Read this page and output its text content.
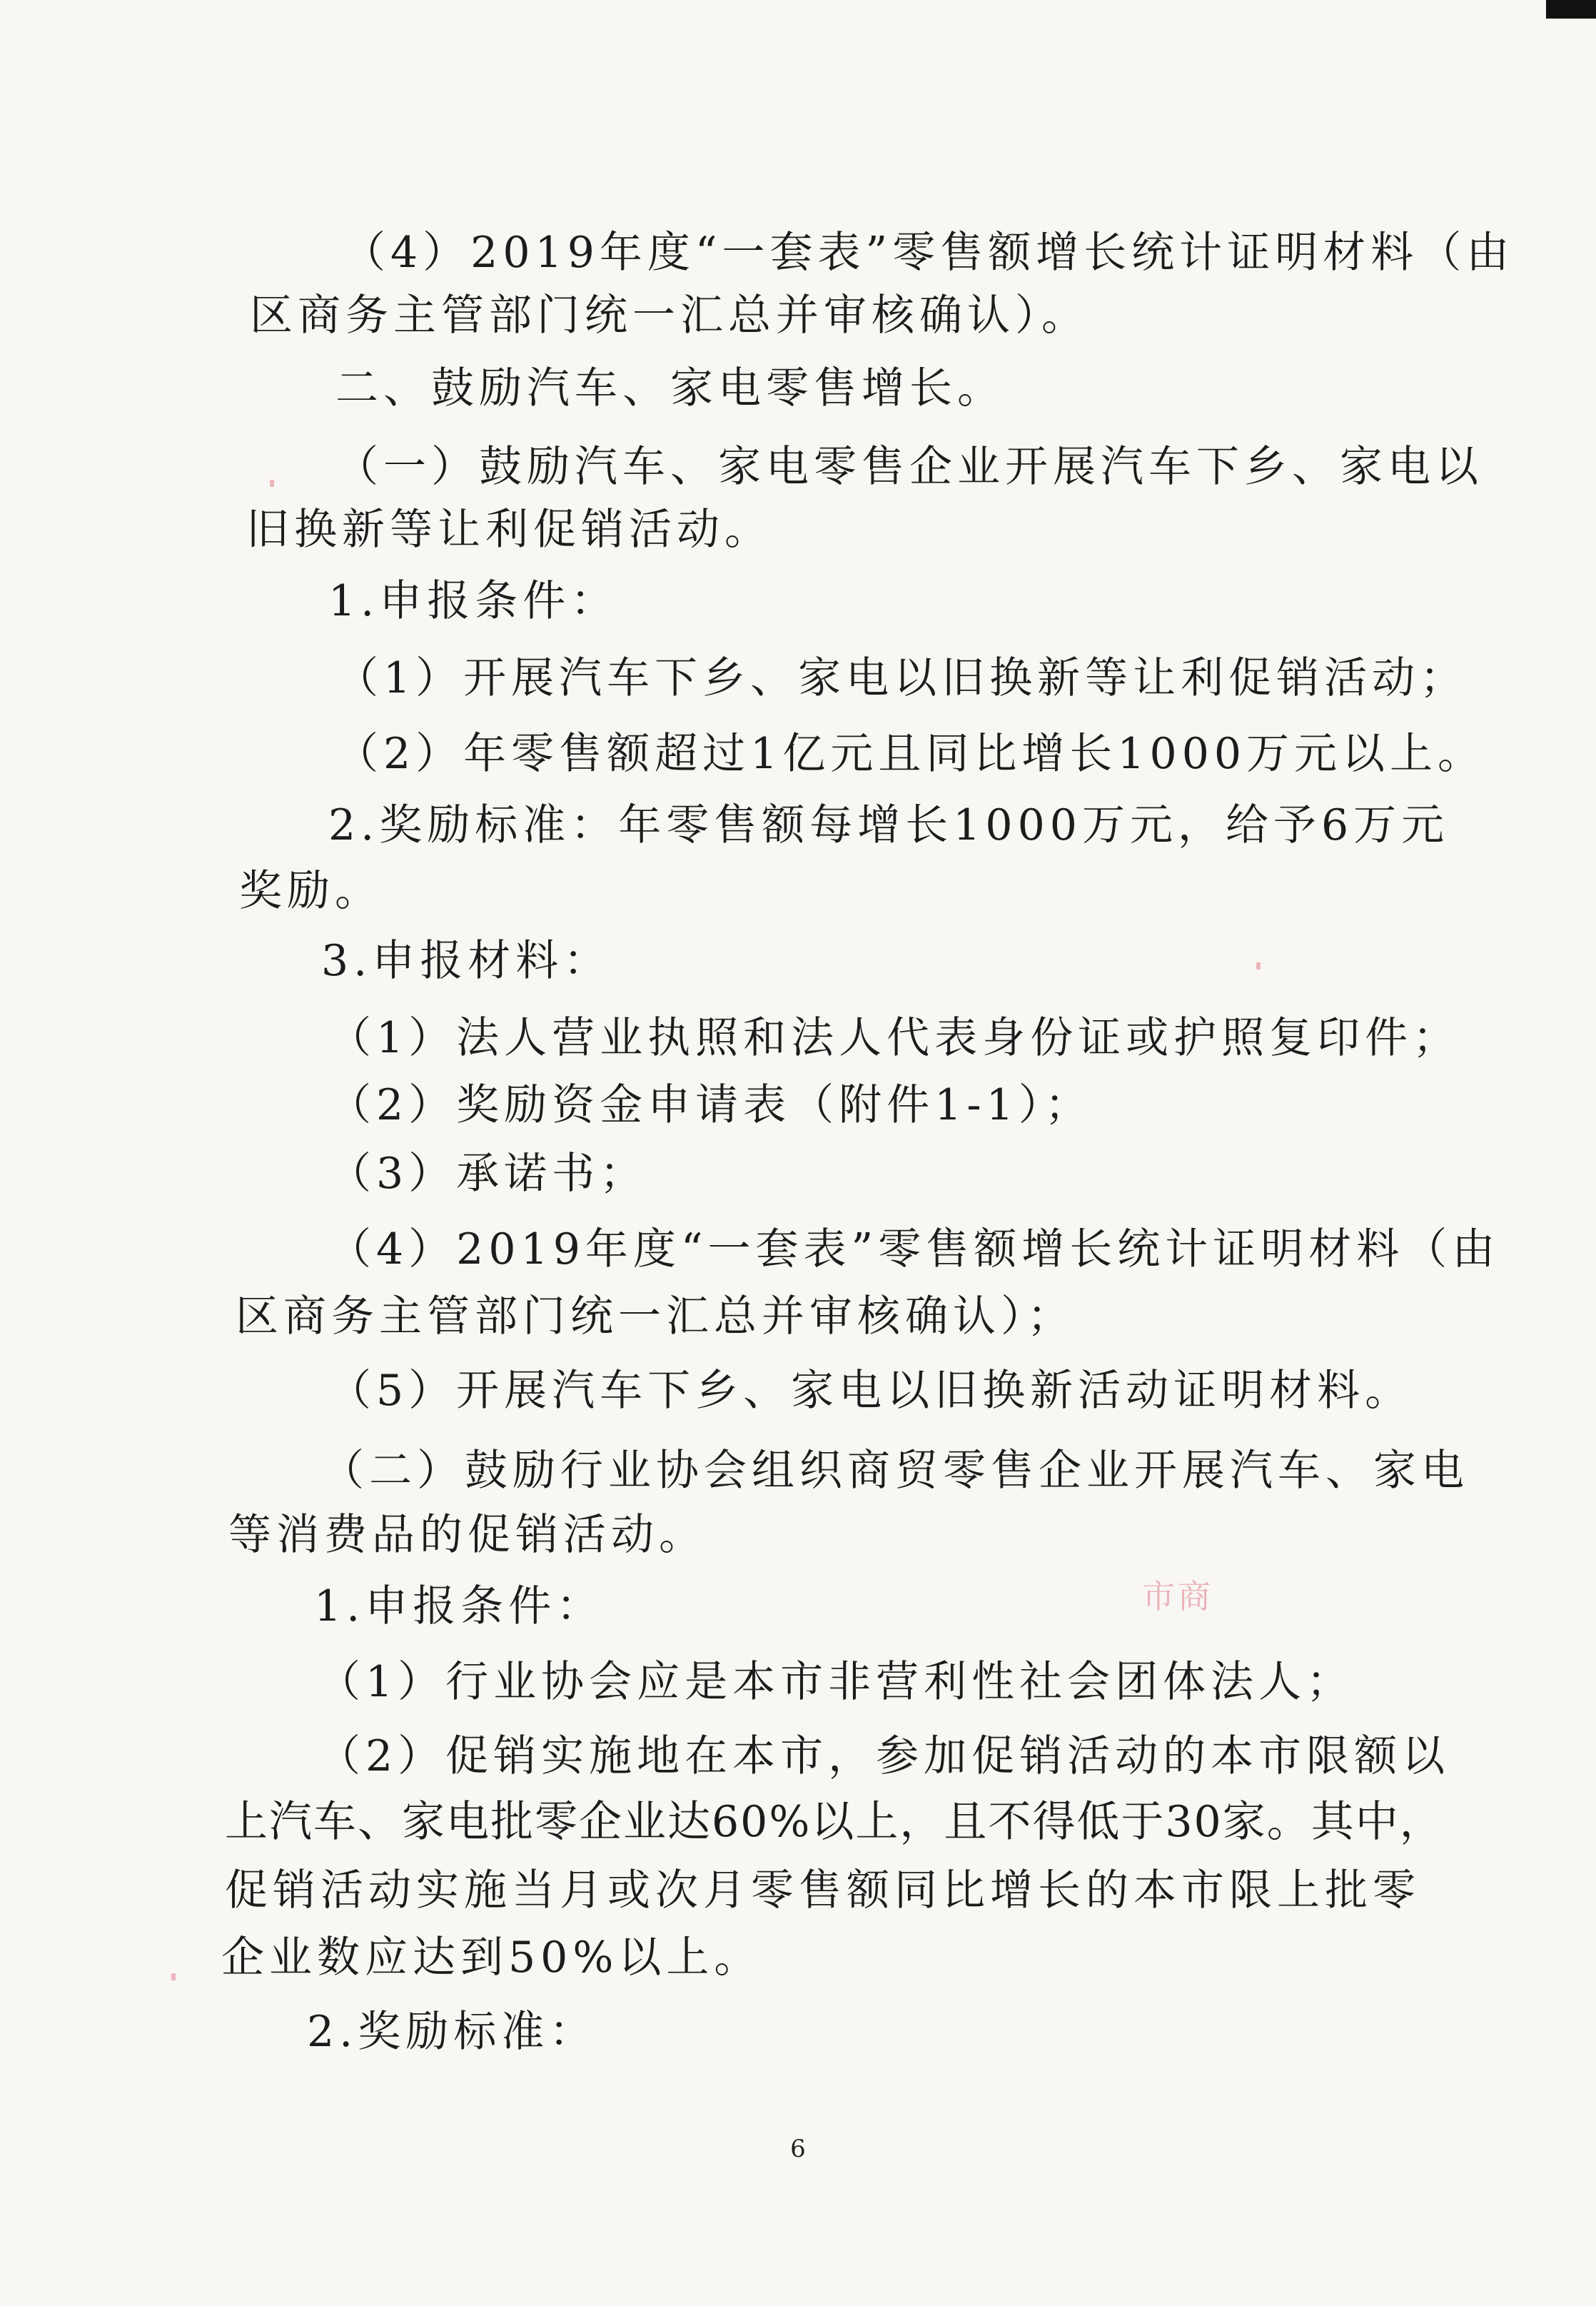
（4）2019年度“一套表”零售额增长统计证明材料（由
区商务主管部门统一汇总并审核确认）。
二、鼓励汽车、家电零售增长。
（一）鼓励汽车、家电零售企业开展汽车下乡、家电以
旧换新等让利促销活动。
1.申报条件：
（1）开展汽车下乡、家电以旧换新等让利促销活动；
（2）年零售额超过1亿元且同比增长1000万元以上。
2.奖励标准：年零售额每增长1000万元，给予6万元
奖励。
3.申报材料：
（1）法人营业执照和法人代表身份证或护照复印件；
（2）奖励资金申请表（附件1-1）；
（3）承诺书；
（4）2019年度“一套表”零售额增长统计证明材料（由
区商务主管部门统一汇总并审核确认）；
（5）开展汽车下乡、家电以旧换新活动证明材料。
（二）鼓励行业协会组织商贸零售企业开展汽车、家电
等消费品的促销活动。
1.申报条件：
（1）行业协会应是本市非营利性社会团体法人；
（2）促销实施地在本市，参加促销活动的本市限额以
上汽车、家电批零企业达60%以上，且不得低于30家。其中，
促销活动实施当月或次月零售额同比增长的本市限上批零
企业数应达到50%以上。
2.奖励标准：
市商
6
